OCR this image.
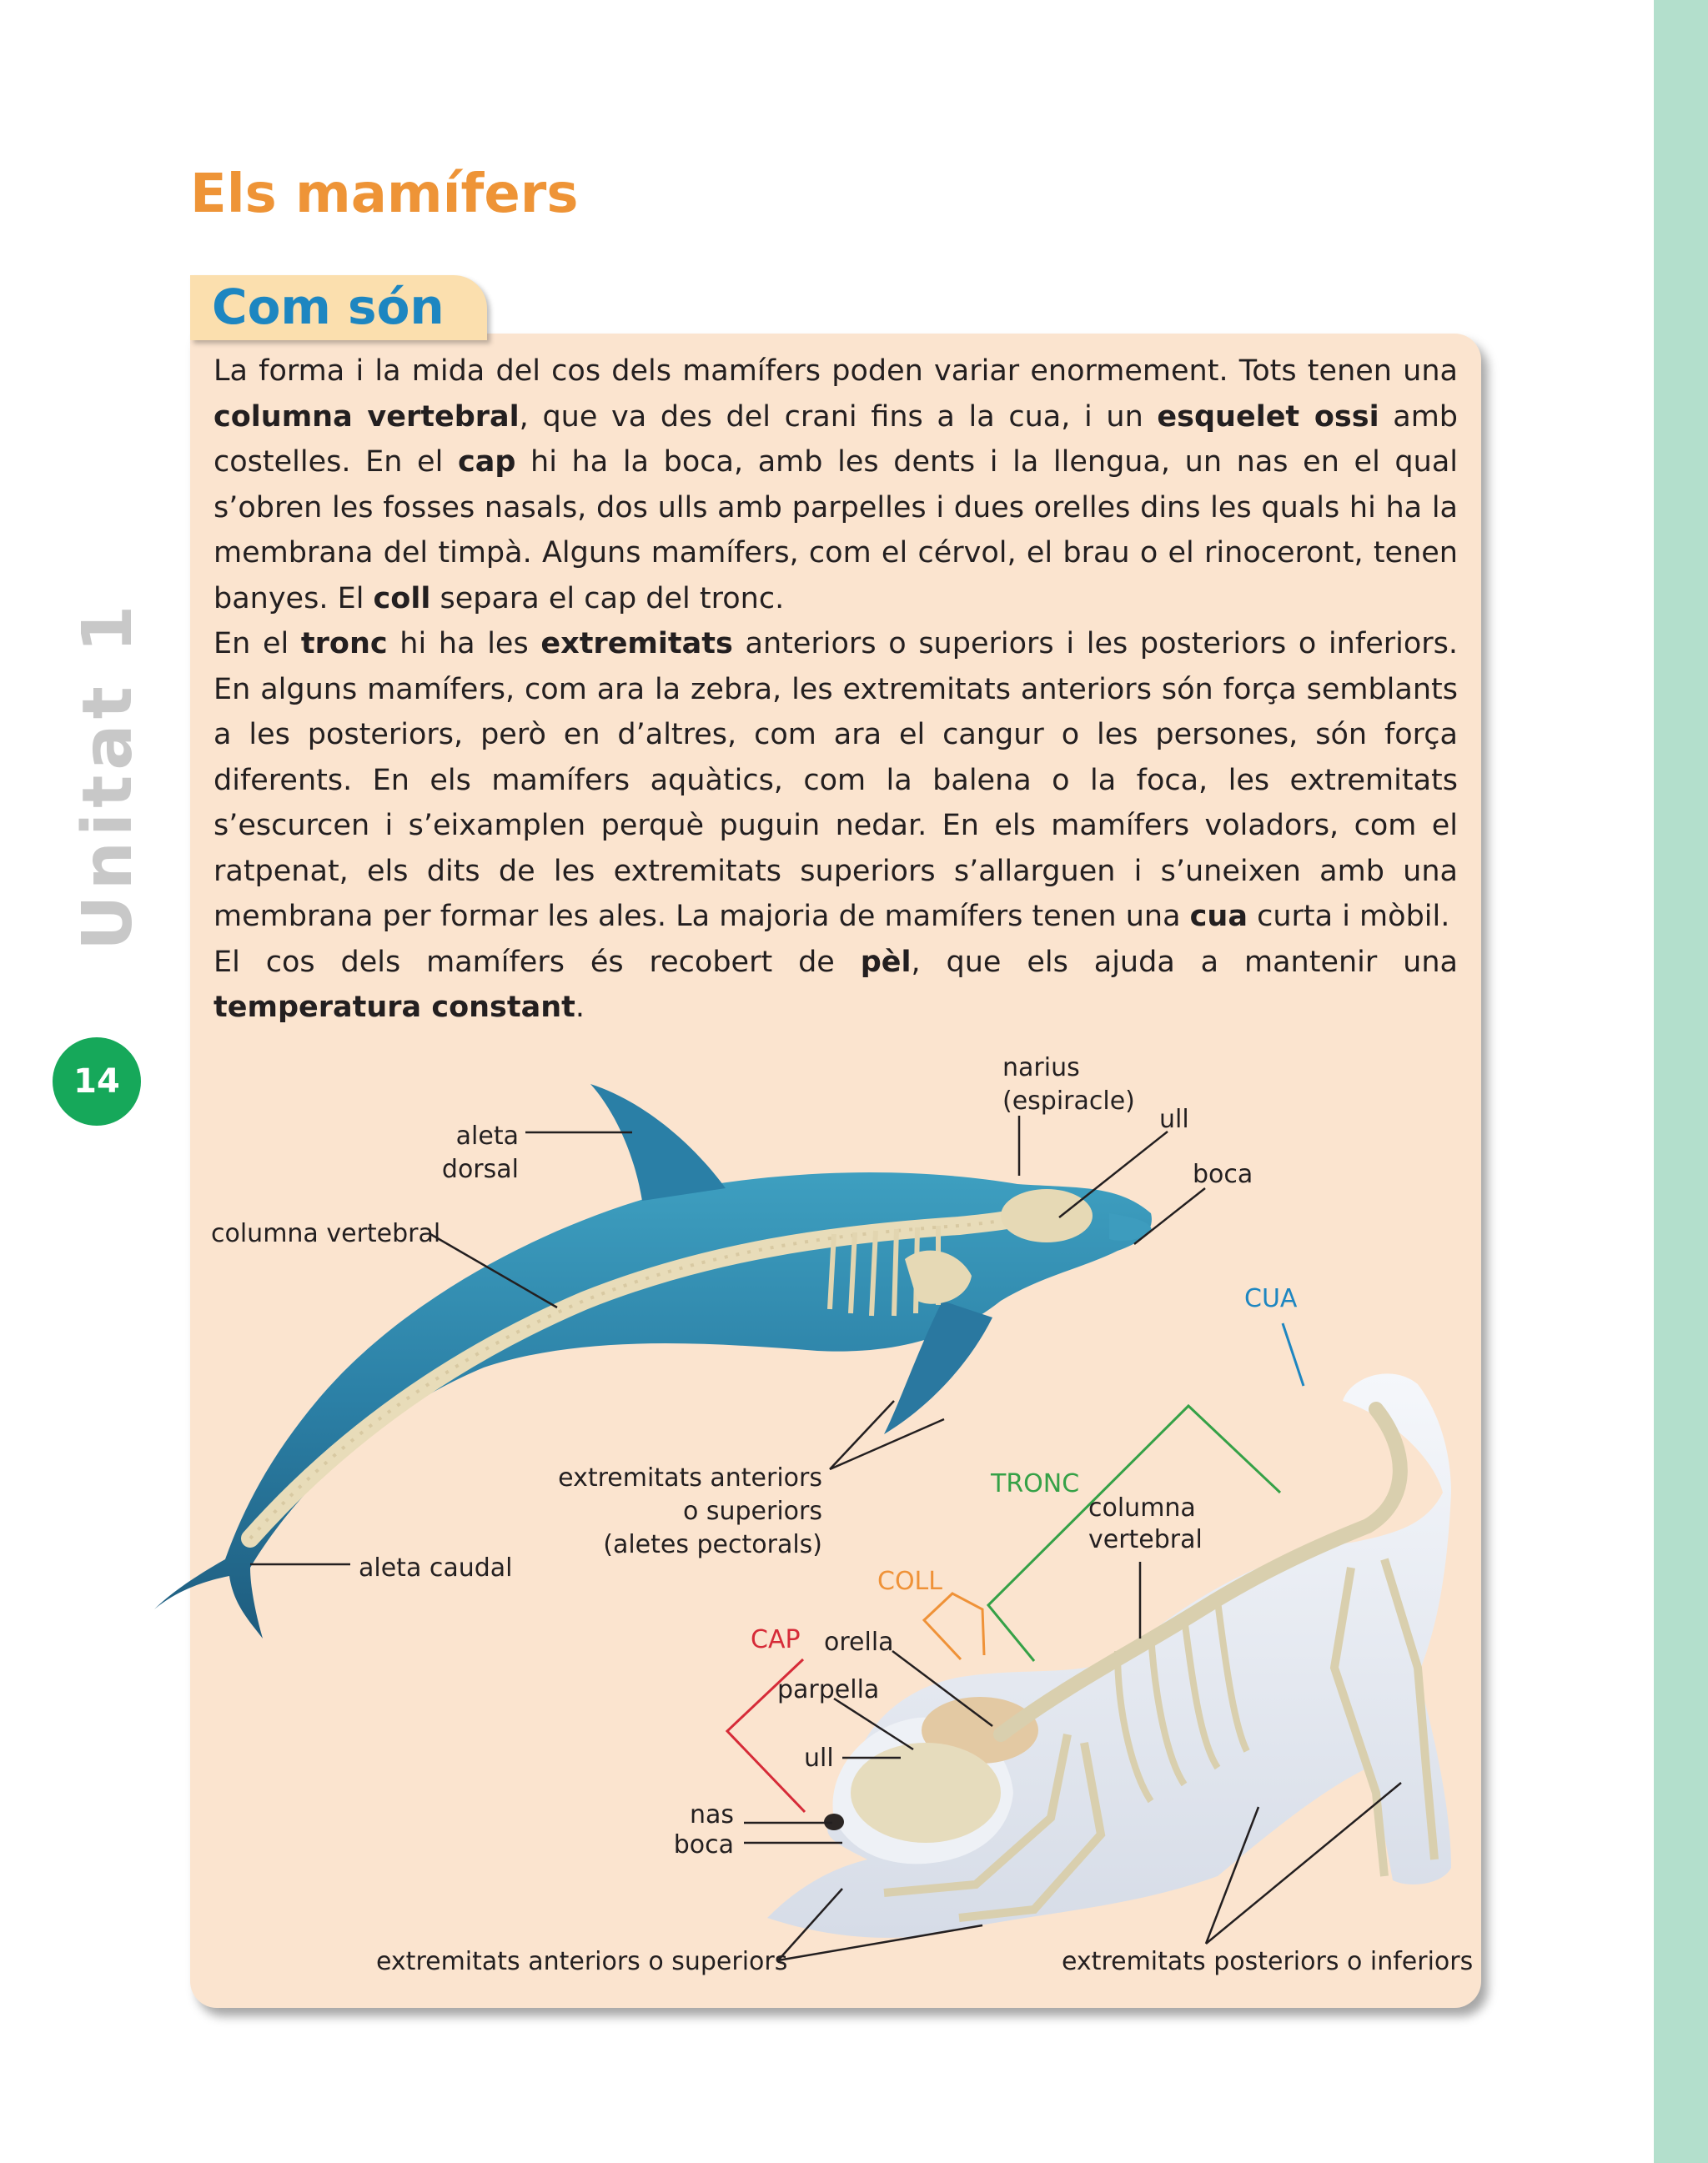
Els mamífers
Com són

La forma i la mida del cos dels mamífers poden variar enormement. Tots tenen una columna vertebral, que va des del crani fins a la cua, i un esquelet ossi amb costelles. En el cap hi ha la boca, amb les dents i la llengua, un nas en el qual s’obren les fosses nasals, dos ulls amb parpelles i dues orelles dins les quals hi ha la membrana del timpà. Alguns mamífers, com el cérvol, el brau o el rinoceront, tenen banyes. El coll separa el cap del tronc.

En el tronc hi ha les extremitats anteriors o superiors i les posteriors o inferiors. En alguns mamífers, com ara la zebra, les extremitats anteriors són força semblants a les posteriors, però en d’altres, com ara el cangur o les persones, són força diferents. En els mamífers aquàtics, com la balena o la foca, les extremitats s’escurcen i s’eixamplen perquè puguin nedar. En els mamífers voladors, com el ratpenat, els dits de les extremitats superiors s’allarguen i s’uneixen amb una membrana per formar les ales. La majoria de mamífers tenen una cua curta i mòbil.

El cos dels mamífers és recobert de pèl, que els ajuda a mantenir una temperatura constant.

Unitat 1
14	narius
(espiracle)
ull
boca
aleta
dorsal
columna vertebral
extremitats anteriors
o superiors
(aletes pectorals)
aleta caudal
CUA
TRONC
columna
vertebral
COLL
CAP orella
parpella
ull
nas
boca
extremitats anteriors o superiors	extremitats posteriors o inferiors
